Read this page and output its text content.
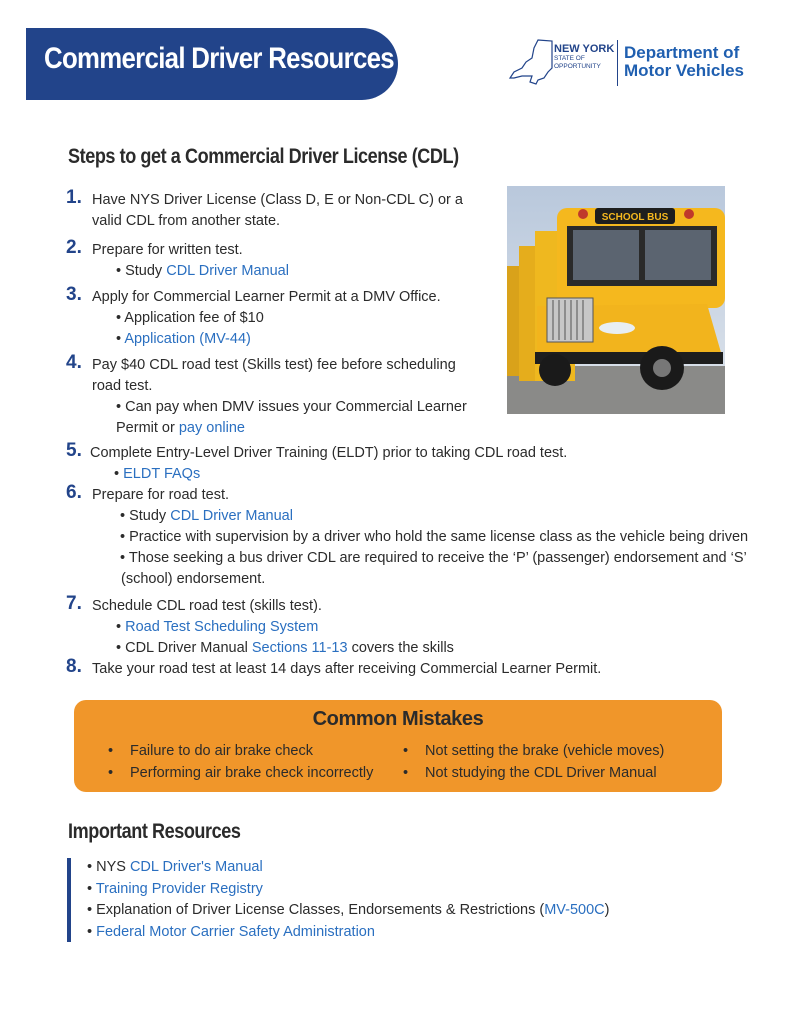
Commercial Driver Resources	NEW YORK
STATE OF
OPPORTUNITY
Department of
Motor Vehicles
Steps to get a Commercial Driver License (CDL)
SCHOOL BUS
1. Have NYS Driver License (Class D, E or Non-CDL C) or a
valid CDL from another state.
2. Prepare for written test.
• Study CDL Driver Manual
3. Apply for Commercial Learner Permit at a DMV Office.
• Application fee of $10
• Application (MV-44)
4. Pay $40 CDL road test (Skills test) fee before scheduling
road test.
• Can pay when DMV issues your Commercial Learner
Permit or pay online
5. Complete Entry-Level Driver Training (ELDT) prior to taking CDL road test.
• ELDT FAQs
6. Prepare for road test.
• Study CDL Driver Manual
• Practice with supervision by a driver who hold the same license class as the vehicle being driven
• Those seeking a bus driver CDL are required to receive the ‘P’ (passenger) endorsement and ‘S’
(school) endorsement.
7. Schedule CDL road test (skills test).
• Road Test Scheduling System
• CDL Driver Manual Sections 11-13 covers the skills
8. Take your road test at least 14 days after receiving Commercial Learner Permit.
Common Mistakes
• Failure to do air brake check
• Performing air brake check incorrectly
• Not setting the brake (vehicle moves)
• Not studying the CDL Driver Manual
Important Resources
• NYS CDL Driver's Manual
• Training Provider Registry
• Explanation of Driver License Classes, Endorsements & Restrictions (MV-500C)
• Federal Motor Carrier Safety Administration
